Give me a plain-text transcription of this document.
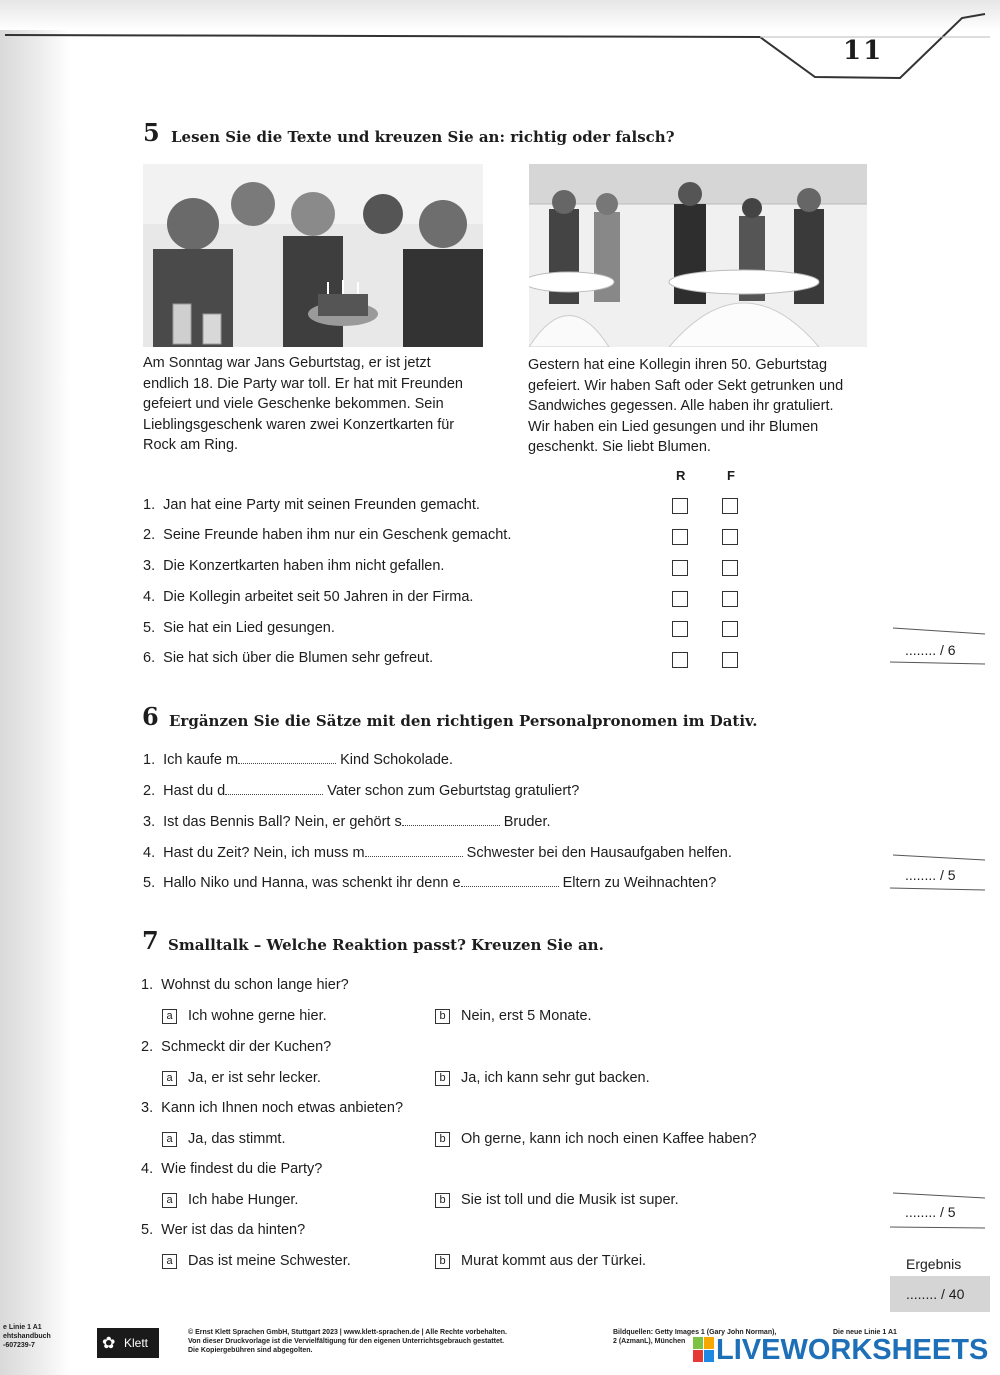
11
5 Lesen Sie die Texte und kreuzen Sie an: richtig oder falsch?
Am Sonntag war Jans Geburtstag, er ist jetzt
endlich 18. Die Party war toll. Er hat mit Freunden
gefeiert und viele Geschenke bekommen. Sein
Lieblingsgeschenk waren zwei Konzertkarten für
Rock am Ring.
Gestern hat eine Kollegin ihren 50. Geburtstag
gefeiert. Wir haben Saft oder Sekt getrunken und
Sandwiches gegessen. Alle haben ihr gratuliert.
Wir haben ein Lied gesungen und ihr Blumen
geschenkt. Sie liebt Blumen.
R	F
1. Jan hat eine Party mit seinen Freunden gemacht.
2. Seine Freunde haben ihm nur ein Geschenk gemacht.
3. Die Konzertkarten haben ihm nicht gefallen.
4. Die Kollegin arbeitet seit 50 Jahren in der Firma.
5. Sie hat ein Lied gesungen.
6. Sie hat sich über die Blumen sehr gefreut.
6 Ergänzen Sie die Sätze mit den richtigen Personalpronomen im Dativ.
1. Ich kaufe m	Kind Schokolade.
2. Hast du d	Vater schon zum Geburtstag gratuliert?
3. Ist das Bennis Ball? Nein, er gehört s	Bruder.
4. Hast du Zeit? Nein, ich muss m	Schwester bei den Hausaufgaben helfen.
5. Hallo Niko und Hanna, was schenkt ihr denn e	Eltern zu Weihnachten?
7 Smalltalk – Welche Reaktion passt? Kreuzen Sie an.
1. Wohnst du schon lange hier?
a	Ich wohne gerne hier.	b	Nein, erst 5 Monate.
2. Schmeckt dir der Kuchen?
a	Ja, er ist sehr lecker.	b	Ja, ich kann sehr gut backen.
3. Kann ich Ihnen noch etwas anbieten?
a	Ja, das stimmt.	b	Oh gerne, kann ich noch einen Kaffee haben?
4. Wie findest du die Party?
a	Ich habe Hunger.	b	Sie ist toll und die Musik ist super.
5. Wer ist das da hinten?
a	Das ist meine Schwester.	b	Murat kommt aus der Türkei.
........ / 6
........ / 5
........ / 5
Ergebnis
........ / 40
e Linie 1 A1
ehtshandbuch
-607239-7	✿ Klett
© Ernst Klett Sprachen GmbH, Stuttgart 2023 | www.klett-sprachen.de | Alle Rechte vorbehalten.
Von dieser Druckvorlage ist die Vervielfältigung für den eigenen Unterrichtsgebrauch gestattet.
Die Kopiergebühren sind abgegolten.
Bildquellen: Getty Images 1 (Gary John Norman),
2 (AzmanL), München
Die neue Linie 1 A1
LIVEWORKSHEETS
